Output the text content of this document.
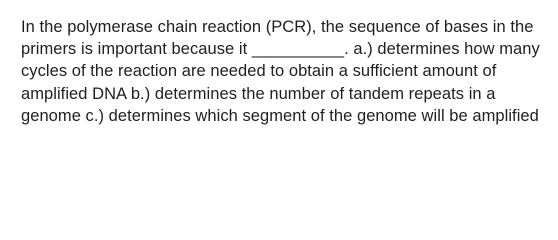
In the polymerase chain reaction (PCR), the sequence of bases in the primers is important because it __________. a.) determines how many cycles of the reaction are needed to obtain a sufficient amount of amplified DNA b.) determines the number of tandem repeats in a genome c.) determines which segment of the genome will be amplified
